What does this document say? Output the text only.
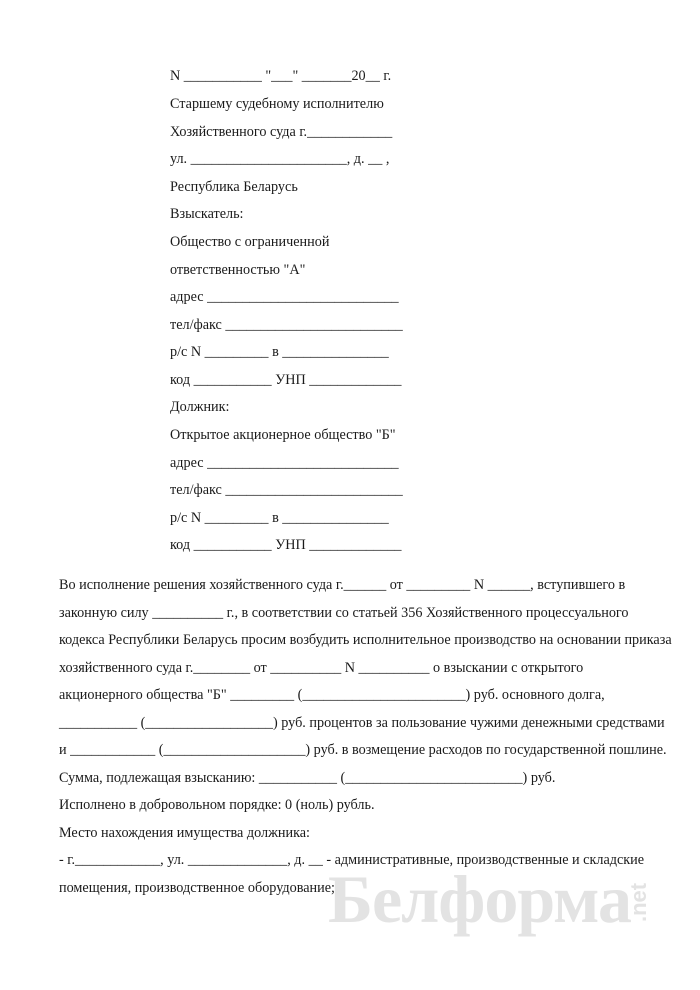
N ___________ "___" _______20__ г.
Старшему судебному исполнителю
Хозяйственного суда г.____________
ул. ______________________, д. __ ,
Республика Беларусь
Взыскатель:
Общество с ограниченной
ответственностью "А"
адрес ___________________________
тел/факс _________________________
р/с N _________ в _______________
код ___________ УНП _____________
Должник:
Открытое акционерное общество "Б"
адрес ___________________________
тел/факс _________________________
р/с N _________ в _______________
код ___________ УНП _____________
Во исполнение решения хозяйственного суда г.______ от _________ N ______, вступившего в
законную силу __________ г., в соответствии со статьей 356 Хозяйственного процессуального
кодекса Республики Беларусь просим возбудить исполнительное производство на основании приказа
хозяйственного суда г.________ от __________ N __________ о взыскании с открытого
акционерного общества "Б" _________ (_______________________) руб. основного долга,
___________ (__________________) руб. процентов за пользование чужими денежными средствами
и ____________ (____________________) руб. в возмещение расходов по государственной пошлине.
Сумма, подлежащая взысканию: ___________ (_________________________) руб.
Исполнено в добровольном порядке: 0 (ноль) рубль.
Место нахождения имущества должника:
- г.____________, ул. ______________, д. __ - административные, производственные и складские
помещения, производственное оборудование;
Белформа
.net
